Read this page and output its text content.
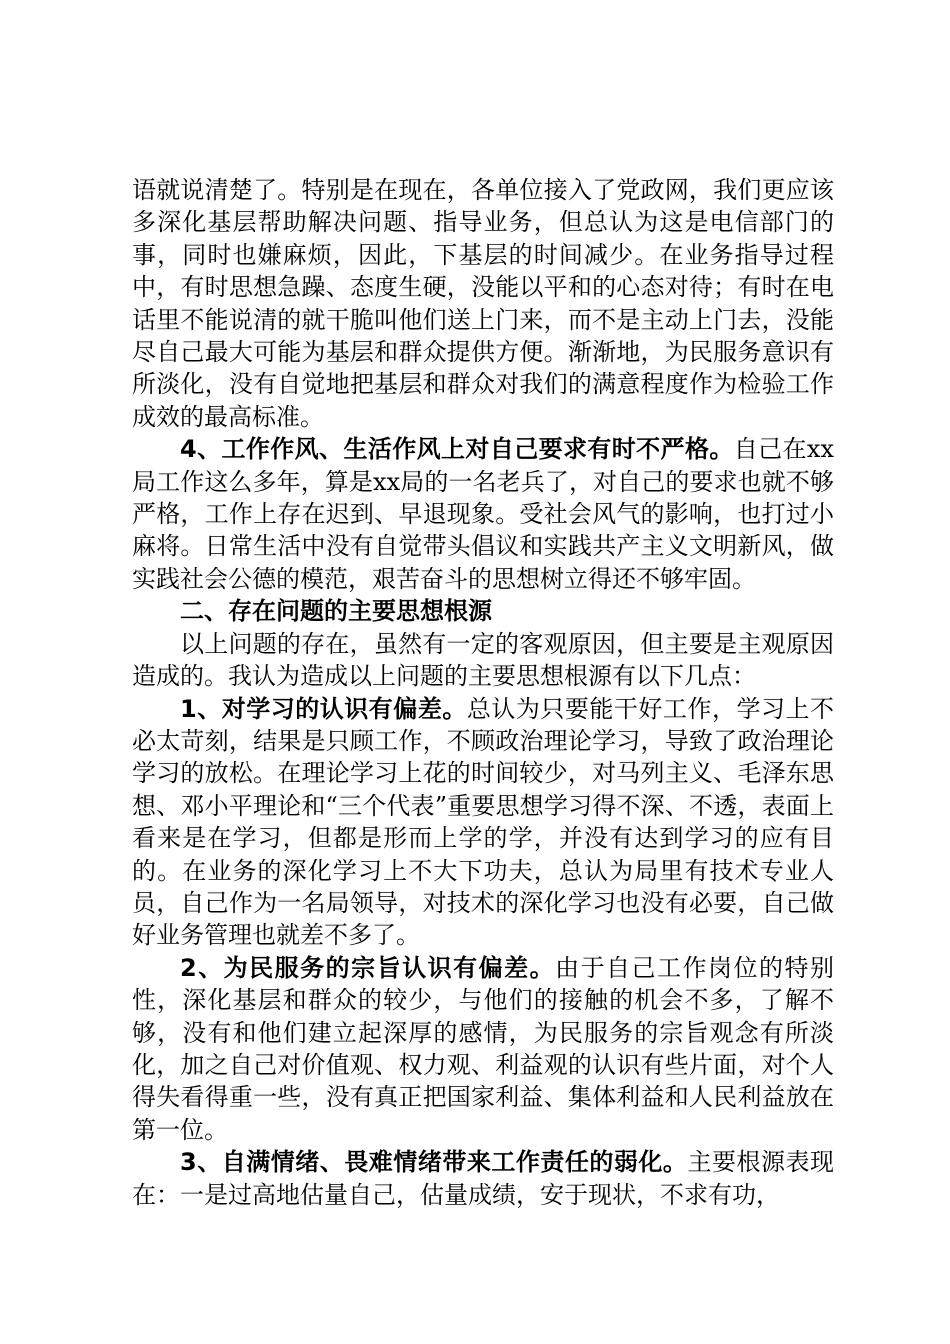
语就说清楚了。特别是在现在，各单位接入了党政网，我们更应该多深化基层帮助解决问题、指导业务，但总认为这是电信部门的事，同时也嫌麻烦，因此，下基层的时间减少。在业务指导过程中，有时思想急躁、态度生硬，没能以平和的心态对待；有时在电话里不能说清的就干脆叫他们送上门来，而不是主动上门去，没能尽自己最大可能为基层和群众提供方便。渐渐地，为民服务意识有所淡化，没有自觉地把基层和群众对我们的满意程度作为检验工作成效的最高标准。

4、工作作风、生活作风上对自己要求有时不严格。自己在xx局工作这么多年，算是xx局的一名老兵了，对自己的要求也就不够严格，工作上存在迟到、早退现象。受社会风气的影响，也打过小麻将。日常生活中没有自觉带头倡议和实践共产主义文明新风，做实践社会公德的模范，艰苦奋斗的思想树立得还不够牢固。

二、存在问题的主要思想根源

以上问题的存在，虽然有一定的客观原因，但主要是主观原因造成的。我认为造成以上问题的主要思想根源有以下几点：

1、对学习的认识有偏差。总认为只要能干好工作，学习上不必太苛刻，结果是只顾工作，不顾政治理论学习，导致了政治理论学习的放松。在理论学习上花的时间较少，对马列主义、毛泽东思想、邓小平理论和“三个代表”重要思想学习得不深、不透，表面上看来是在学习，但都是形而上学的学，并没有达到学习的应有目的。在业务的深化学习上不大下功夫，总认为局里有技术专业人员，自己作为一名局领导，对技术的深化学习也没有必要，自己做好业务管理也就差不多了。

2、为民服务的宗旨认识有偏差。由于自己工作岗位的特别性，深化基层和群众的较少，与他们的接触的机会不多，了解不够，没有和他们建立起深厚的感情，为民服务的宗旨观念有所淡化，加之自己对价值观、权力观、利益观的认识有些片面，对个人得失看得重一些，没有真正把国家利益、集体利益和人民利益放在第一位。

3、自满情绪、畏难情绪带来工作责任的弱化。主要根源表现在：一是过高地估量自己，估量成绩，安于现状，不求有功，
